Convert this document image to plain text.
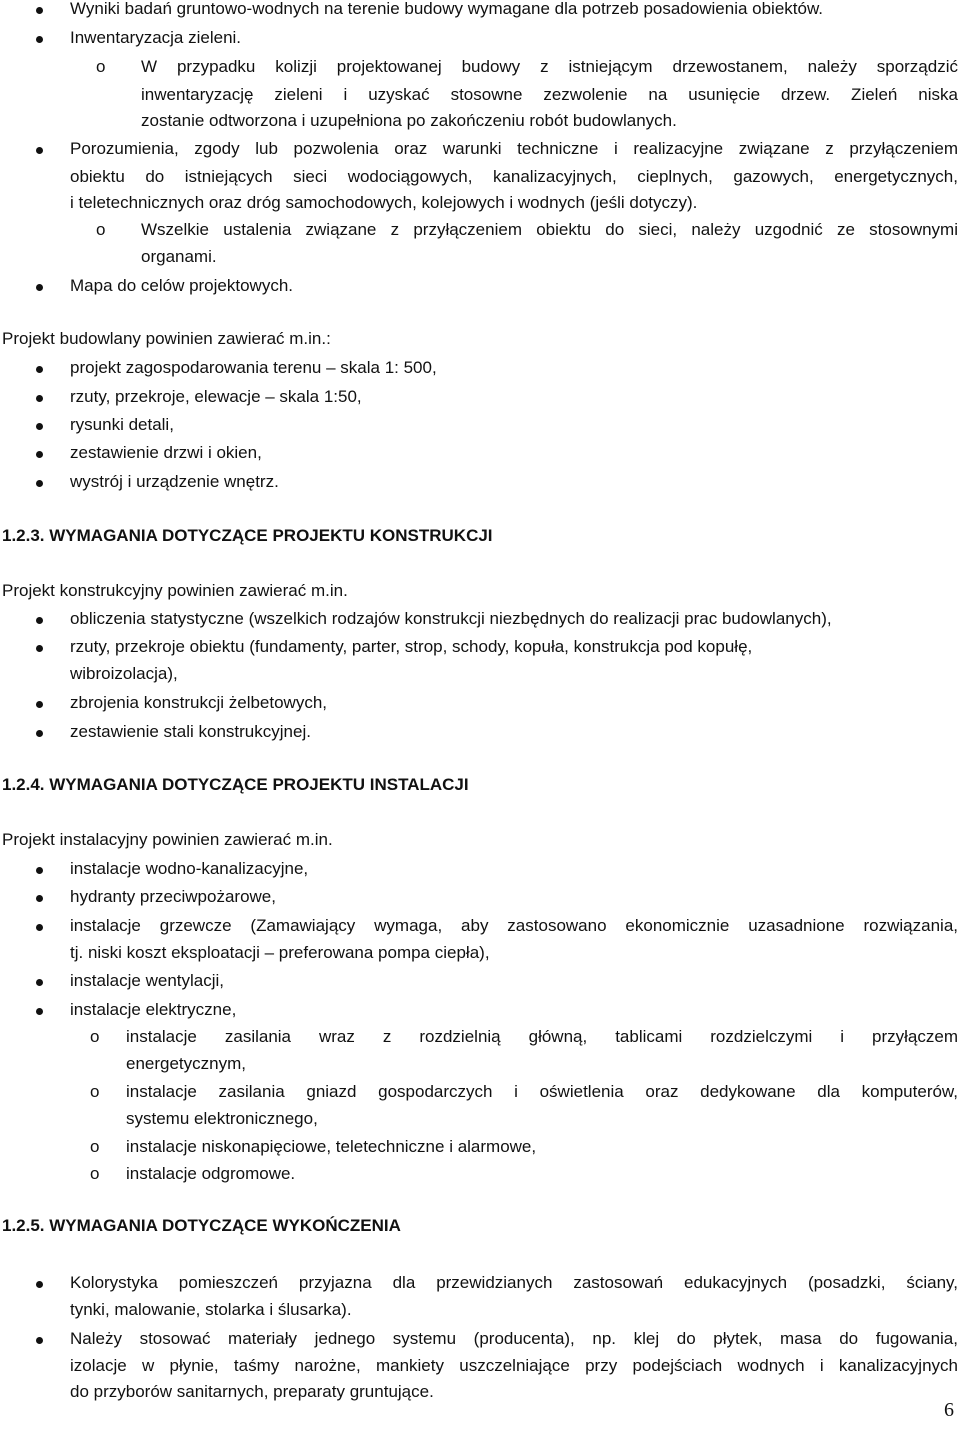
Wyniki badań gruntowo-wodnych na terenie budowy wymagane dla potrzeb posadowienia obiektów.
Inwentaryzacja zieleni.
o W przypadku kolizji projektowanej budowy z istniejącym drzewostanem, należy sporządzić
inwentaryzację zieleni i uzyskać stosowne zezwolenie na usunięcie drzew. Zieleń niska
zostanie odtworzona i uzupełniona po zakończeniu robót budowlanych.
Porozumienia, zgody lub pozwolenia oraz warunki techniczne i realizacyjne związane z przyłączeniem
obiektu do istniejących sieci wodociągowych, kanalizacyjnych, cieplnych, gazowych, energetycznych,
i teletechnicznych oraz dróg samochodowych, kolejowych i wodnych (jeśli dotyczy).
o Wszelkie ustalenia związane z przyłączeniem obiektu do sieci, należy uzgodnić ze stosownymi
organami.
Mapa do celów projektowych.
Projekt budowlany powinien zawierać m.in.:
projekt zagospodarowania terenu – skala 1: 500,
rzuty, przekroje, elewacje – skala 1:50,
rysunki detali,
zestawienie drzwi i okien,
wystrój i urządzenie wnętrz.
1.2.3. WYMAGANIA DOTYCZĄCE PROJEKTU KONSTRUKCJI
Projekt konstrukcyjny powinien zawierać m.in.
obliczenia statystyczne (wszelkich rodzajów konstrukcji niezbędnych do realizacji prac budowlanych),
rzuty, przekroje obiektu (fundamenty, parter, strop, schody, kopuła, konstrukcja pod kopułę,
wibroizolacja),
zbrojenia konstrukcji żelbetowych,
zestawienie stali konstrukcyjnej.
1.2.4. WYMAGANIA DOTYCZĄCE PROJEKTU INSTALACJI
Projekt instalacyjny powinien zawierać m.in.
instalacje wodno-kanalizacyjne,
hydranty przeciwpożarowe,
instalacje grzewcze (Zamawiający wymaga, aby zastosowano ekonomicznie uzasadnione rozwiązania,
tj. niski koszt eksploatacji – preferowana pompa ciepła),
instalacje wentylacji,
instalacje elektryczne,
o instalacje zasilania wraz z rozdzielnią główną, tablicami rozdzielczymi i przyłączem
energetycznym,
o instalacje zasilania gniazd gospodarczych i oświetlenia oraz dedykowane dla komputerów,
systemu elektronicznego,
o instalacje niskonapięciowe, teletechniczne i alarmowe,
o instalacje odgromowe.
1.2.5. WYMAGANIA DOTYCZĄCE WYKOŃCZENIA
Kolorystyka pomieszczeń przyjazna dla przewidzianych zastosowań edukacyjnych (posadzki, ściany,
tynki, malowanie, stolarka i ślusarka).
Należy stosować materiały jednego systemu (producenta), np. klej do płytek, masa do fugowania,
izolacje w płynie, taśmy narożne, mankiety uszczelniające przy podejściach wodnych i kanalizacyjnych
do przyborów sanitarnych, preparaty gruntujące.
6
